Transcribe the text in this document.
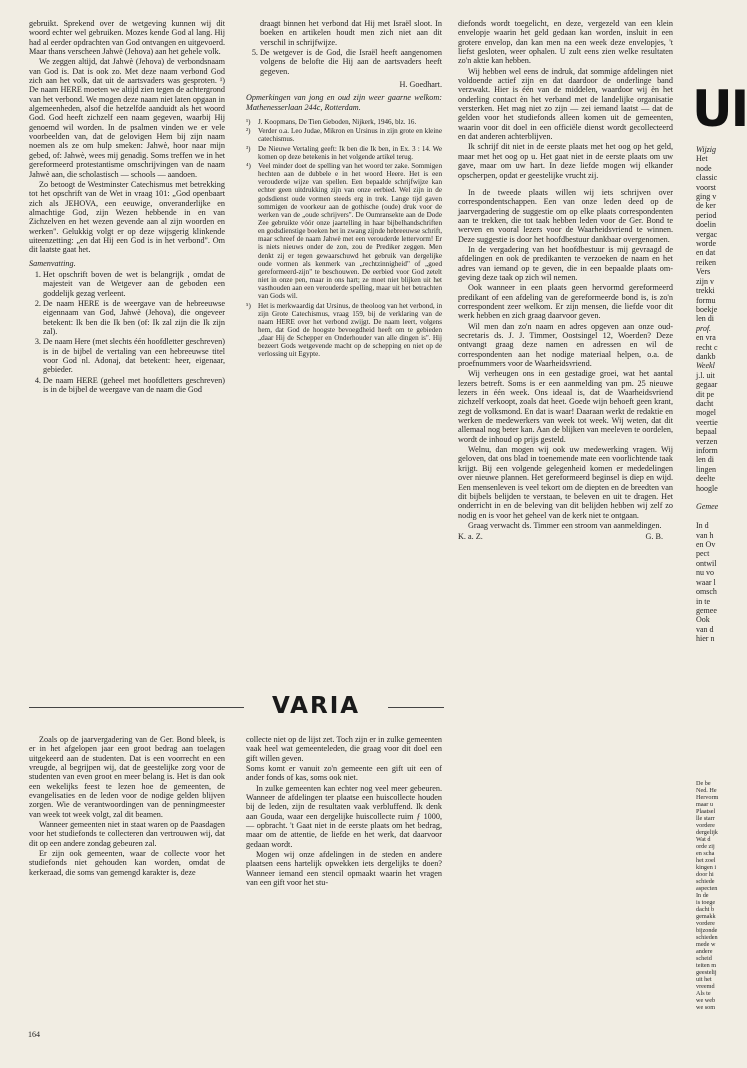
gebruikt. Sprekend over de wetgeving kunnen wij dit woord echter wel gebruiken. Mozes kende God al lang. Hij had al eerder opdrachten van God ontvangen en uitgevoerd. Maar thans verscheen Jahwè (Jehova) aan het gehele volk.

We zeggen altijd, dat Jahwè (Jehova) de verbondsnaam van God is. Dat is ook zo. Met deze naam verbond God zich aan het volk, dat uit de aartsvaders was gesproten. ¹) De naam HERE moeten we altijd zien tegen de achtergrond van het verbond. We mogen deze naam niet laten opgaan in algemeenheden, alsof die hetzelfde aanduidt als het woord God. God heeft zichzelf een naam gegeven, waarbij Hij genoemd wil worden. In de psalmen vinden we er vele voorbeelden van, dat de gelovigen Hem bij zijn naam noemen als ze om hulp smeken: Jahwè, hoor naar mijn gebed, of: Jahwè, wees mij genadig. Soms treffen we in het gereformeerd protestantisme omschrijvingen van de naam Jahwè aan, die scholastisch — schools — aandoen.

Zo betoogt de Westminster Catechismus met betrekking tot het opschrift van de Wet in vraag 101: „God openbaart zich als JEHOVA, een eeuwige, onveranderlijke en almachtige God, zijn Wezen hebbende in en van Zichzelven en het wezen gevende aan al zijn woorden en werken". Gelukkig volgt er op deze wijsgerig klinkende uiteenzetting: „en dat Hij een God is in het verbond". Om dit laatste gaat het.

Samenvatting.

1. Het opschrift boven de wet is belangrijk , omdat de majesteit van de Wetgever aan de geboden een goddelijk gezag verleent.
2. De naam HERE is de weergave van de hebreeuwse eigennaam van God, Jahwè (Jehova), die ongeveer betekent: Ik ben die Ik ben (of: Ik zal zijn die Ik zijn zal).
3. De naam Here (met slechts één hoofdletter geschreven) is in de bijbel de vertaling van een hebreeuwse titel voor God nl. Adonaj, dat betekent: heer, eigenaar, gebieder.
4. De naam HERE (geheel met hoofdletters geschreven) is in de bijbel de weergave van de naam die God

draagt binnen het verbond dat Hij met Israël sloot. In boeken en artikelen houdt men zich niet aan dit verschil in schrijfwijze.

5. De wetgever is de God, die Israël heeft aangenomen volgens de belofte die Hij aan de aartsvaders heeft gegeven.
H. Goedhart.

Opmerkingen van jong en oud zijn weer gaarne welkom: Mathenesserlaan 244c, Rotterdam.

¹)	J. Koopmans, De Tien Geboden, Nijkerk, 1946, blz. 16.
²)	Verder o.a. Leo Judae, Mikron en Ursinus in zijn grote en kleine catechismus.
³)	De Nieuwe Vertaling geeft: Ik ben die Ik ben, in Ex. 3 : 14. We komen op deze betekenis in het volgende artikel terug.
⁴)	Veel minder doet de spelling van het woord ter zake. Sommigen hechten aan de dubbele e in het woord Heere. Het is een verouderde wijze van spellen. Een bepaalde schrijfwijze kan echter geen uitdrukking zijn van onze eerbied. Wel zijn in de godsdienst oude vormen steeds erg in trek. Lange tijd gaven sommigen de voorkeur aan de gothische (oude) druk voor de werken van de „oude schrijvers". De Oumransekte aan de Dode Zee gebruikte vóór onze jaartelling in haar bijbelhandschriften en godsdienstige boeken het in zwang zijnde hebreeuwse schrift, maar schreef de naam Jahwè met een verouderde lettervorm! Er is niets nieuws onder de zon, zou de Prediker zeggen. Men denkt zij er tegen gewaarschuwd het gebruik van dergelijke oude vormen als kenmerk van „rechtzinnigheid" of „goed gereformeerd-zijn" te beschouwen. De eerbied voor God zetelt niet in onze pen, maar in ons hart; ze moet niet blijken uit het vasthouden aan een verouderde spelling, maar uit het betrachten van Gods wil.
⁵)	Het is merkwaardig dat Ursinus, de theoloog van het verbond, in zijn Grote Catechismus, vraag 159, bij de verklaring van de naam HERE over het verbond zwijgt. De naam leert, volgens hem, dat God de hoogste bevoegdheid heeft om te gebieden „daar Hij de Schepper en Onderhouder van alle dingen is". Hij bezeert Gods wetgevende macht op de schepping en niet op de verlossing uit Egypte.

diefonds wordt toegelicht, en deze, vergezeld van een klein envelopje waarin het geld gedaan kan worden, insluit in een grotere envelop, dan kan men na een week deze envelopjes, 't liefst gesloten, weer ophalen. U zult eens zien welke resultaten zo'n aktie kan hebben.

Wij hebben wel eens de indruk, dat sommige afdelingen niet voldoende actief zijn en dat daardoor de onderlinge band verzwakt. Hier is één van de middelen, waardoor wij èn het onderling contact èn het verband met de landelijke organisatie versterken. Het mag niet zo zijn — zei iemand laatst — dat de gelden voor het studiefonds alleen komen uit de gemeenten, waarin voor dit doel in een officiële dienst wordt gecollecteerd en dat anderen achterblijven.

Ik schrijf dit niet in de eerste plaats met het oog op het geld, maar met het oog op u. Het gaat niet in de eerste plaats om uw gave, maar om uw hart. In deze liefde mogen wij elkander opscherpen, opdat er geestelijke vrucht zij.

In de tweede plaats willen wij iets schrijven over correspondentschappen. Een van onze leden deed op de jaarvergadering de suggestie om op elke plaats correspondenten aan te trekken, die tot taak hebben leden voor de Ger. Bond te werven en vooral lezers voor de Waarheidsvriend te winnen. Deze suggestie is door het hoofdbestuur dankbaar overgenomen.

In de vergadering van het hoofdbestuur is mij gevraagd de afdelingen en ook de predikanten te verzoeken de naam en het adres van iemand op te geven, die in een bepaalde plaats om-geving deze taak op zich wil nemen.

Ook wanneer in een plaats geen hervormd gereformeerd predikant of een afdeling van de gereformeerde bond is, is zo'n correspondent zeer welkom. Er zijn mensen, die liefde voor dit werk hebben en zich graag daarvoor geven.

Wil men dan zo'n naam en adres opgeven aan onze oud-secretaris ds. J. J. Timmer, Oostsingel 12, Woerden? Deze ontvangt graag deze namen en adressen en wil de correspondenten aan het nodige materiaal helpen, o.a. de proefnummers voor de Waarheidsvriend.

Wij verheugen ons in een gestadige groei, wat het aantal lezers betreft. Soms is er een aanmelding van pm. 25 nieuwe lezers in één week. Ons ideaal is, dat de Waarheidsvriend zichzelf verkoopt, zoals dat heet. Goede wijn behoeft geen krant, zegt de volksmond. En dat is waar! Daaraan werkt de redaktie en werken de medewerkers van week tot week. Wij weten, dat dit allemaal nog beter kan. Aan de blijken van meeleven te oordelen, wordt de inhoud op prijs gesteld.

Welnu, dan mogen wij ook uw medewerking vragen. Wij geloven, dat ons blad in toenemende mate een voorlichtende taak krijgt. Bij een volgende gelegenheid komen er mededelingen over nieuwe plannen. Het gereformeerd beginsel is diep en wijd. Een mensenleven is veel tekort om de diepten en de breedten van dit bijbels belijden te verstaan, te beleven en uit te dragen. Het onderricht in en de beleving van dit belijden hebben wij zelf zo nodig en is voor het geheel van de kerk niet te ontgaan.

Graag verwacht ds. Timmer een stroom van aanmeldingen.

K. a. Z.	G. B.
VARIA

Zoals op de jaarvergadering van de Ger. Bond bleek, is er in het afgelopen jaar een groot bedrag aan toelagen uitgekeerd aan de studenten. Dat is een voorrecht en een vreugde, al begrijpen wij, dat de geestelijke zorg voor de studenten van even groot en meer belang is. Het is dan ook een wekelijks feest te lezen hoe de gemeenten, de evangelisaties en de leden voor de nodige gelden blijven zorgen. Wie de verantwoordingen van de penningmeester van week tot week volgt, zal dit beamen.

Wanneer gemeenten niet in staat waren op de Paasdagen voor het studiefonds te collecteren dan vertrouwen wij, dat dit op een andere zondag gebeuren zal.

Er zijn ook gemeenten, waar de collecte voor het studiefonds niet gehouden kan worden, omdat de kerkeraad, die soms van gemengd karakter is, deze

collecte niet op de lijst zet. Toch zijn er in zulke gemeenten vaak heel wat gemeenteleden, die graag voor dit doel een gift willen geven.

Soms komt er vanuit zo'n gemeente een gift uit een of ander fonds of kas, soms ook niet.

In zulke gemeenten kan echter nog veel meer gebeuren. Wanneer de afdelingen ter plaatse een huiscollecte houden bij de leden, zijn de resultaten vaak verbluffend. Ik denk aan Gouda, waar een dergelijke huiscollecte ruim ƒ 1000,— opbracht. 't Gaat niet in de eerste plaats om het bedrag, maar om de attentie, de liefde en het werk, dat daarvoor gedaan wordt.

Mogen wij onze afdelingen in de steden en andere plaatsen eens hartelijk opwekken iets dergelijks te doen? Wanneer iemand een stencil opmaakt waarin het vragen van een gift voor het stu-

164
UI
Wijzig
Het
node
classic
voorst
ging v
de ker
period
doelin
vergac
worde
en dat
reiken
Vers
zijn v
trekki
formu
boekje
len di
prof.
en vra
recht c
dankb
Weekl
j.l. uit
gegaar
dit pe
dacht
mogel
veertie
bepaal
verzen
inform
len di
lingen
deelte
hoogle

Gemee

In d
van h
en Ov
pect
ontwil
nu vo
waar l
omsch
in te
gemee
Ook
van d
hier n
De be
Ned. He
Hervorm
maar u
Plaatsel
lle starr
vordere
dergelijk
Wat d
orde zij
en scha
het zoel
kingen i
door hi
schiede
aspecten
In de
is toege
dacht b
gemakk
vordere
bijzonde
schieden
mede w
andere
scheid
teiten m
geestelij
uit het
vreemd
Als te
we web
we som
